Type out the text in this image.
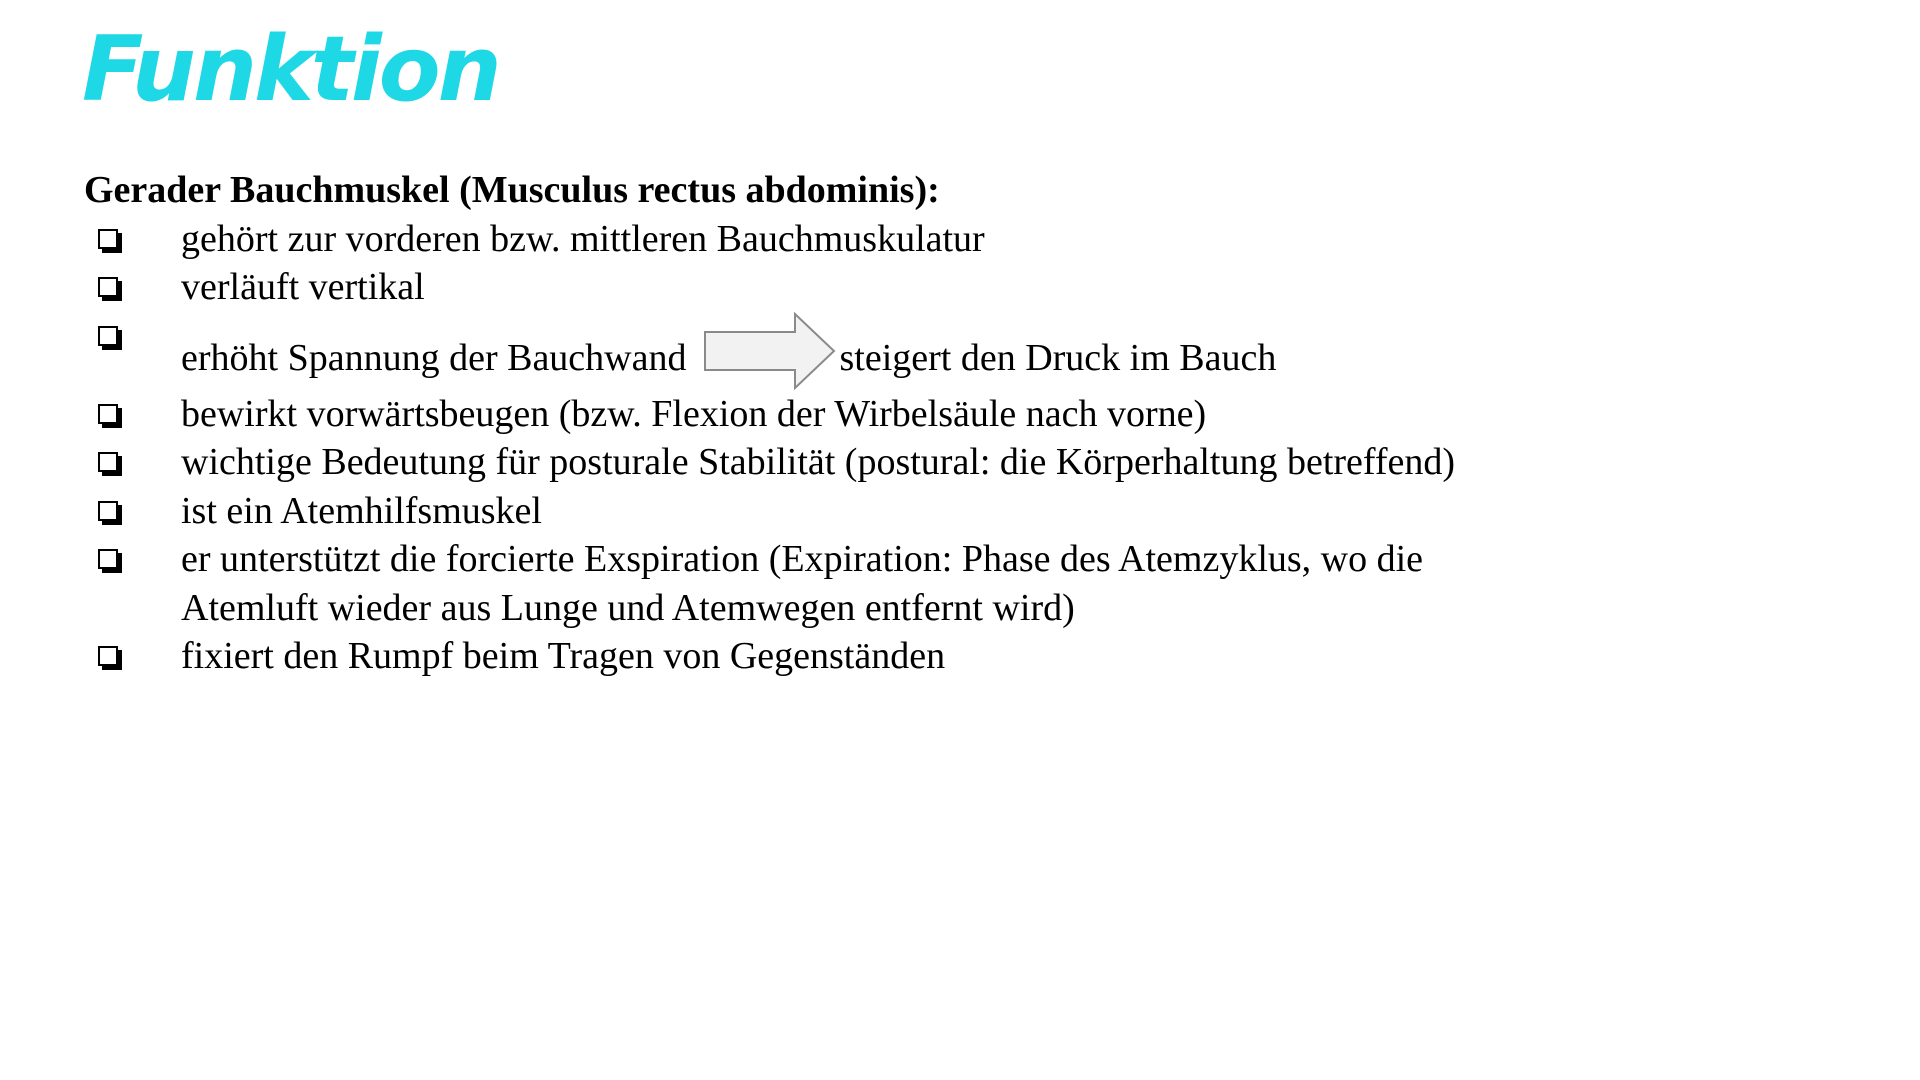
Funktion

Gerader Bauchmuskel (Musculus rectus abdominis):

gehört zur vorderen bzw. mittleren Bauchmuskulatur
verläuft vertikal
erhöht Spannung der Bauchwand	steigert den Druck im Bauch
bewirkt vorwärtsbeugen (bzw. Flexion der Wirbelsäule nach vorne)
wichtige Bedeutung für posturale Stabilität (postural: die Körperhaltung betreffend)
ist ein Atemhilfsmuskel
er unterstützt die forcierte Exspiration (Expiration: Phase des Atemzyklus, wo die Atemluft wieder aus Lunge und Atemwegen entfernt wird)
fixiert den Rumpf beim Tragen von Gegenständen
